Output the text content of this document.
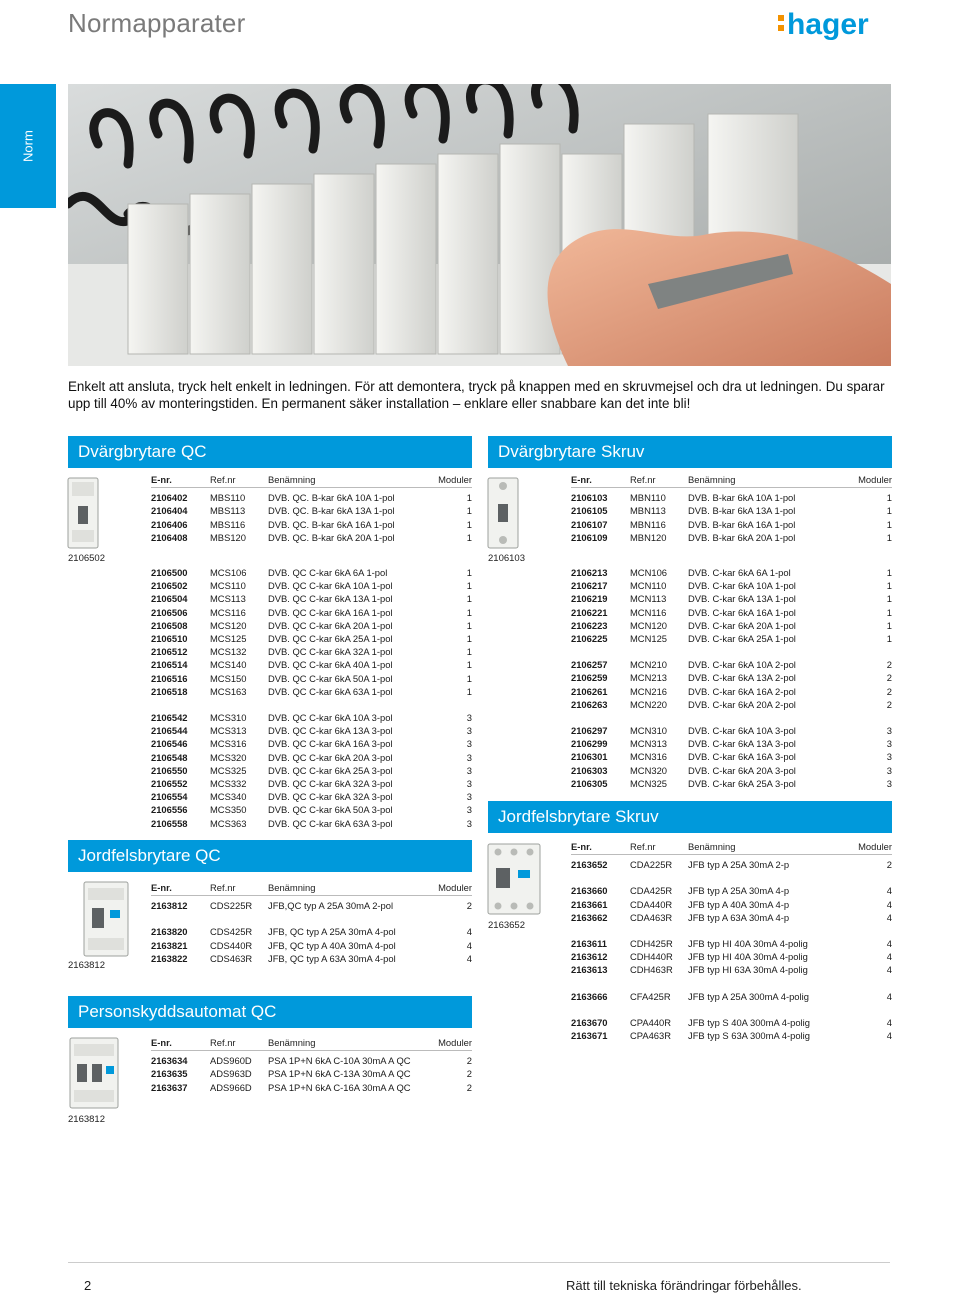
Normapparater	hager
Norm
Enkelt att ansluta, tryck helt enkelt in ledningen. För att demontera, tryck på knappen med en skruvmejsel och dra ut ledningen. Du sparar upp till 40% av monteringstiden. En permanent säker installation – enklare eller snabbare kan det inte bli!
Dvärgbrytare QC
2106502
E-nr.	Ref.nr	Benämning	Moduler
2106402	MBS110	DVB. QC. B-kar 6kA 10A 1-pol	1
2106404	MBS113	DVB. QC. B-kar 6kA 13A 1-pol	1
2106406	MBS116	DVB. QC. B-kar 6kA 16A 1-pol	1
2106408	MBS120	DVB. QC. B-kar 6kA 20A 1-pol	1
2106500	MCS106	DVB. QC C-kar 6kA 6A 1-pol	1
2106502	MCS110	DVB. QC C-kar 6kA 10A 1-pol	1
2106504	MCS113	DVB. QC C-kar 6kA 13A 1-pol	1
2106506	MCS116	DVB. QC C-kar 6kA 16A 1-pol	1
2106508	MCS120	DVB. QC C-kar 6kA 20A 1-pol	1
2106510	MCS125	DVB. QC C-kar 6kA 25A 1-pol	1
2106512	MCS132	DVB. QC C-kar 6kA 32A 1-pol	1
2106514	MCS140	DVB. QC C-kar 6kA 40A 1-pol	1
2106516	MCS150	DVB. QC C-kar 6kA 50A 1-pol	1
2106518	MCS163	DVB. QC C-kar 6kA 63A 1-pol	1
2106542	MCS310	DVB. QC C-kar 6kA 10A 3-pol	3
2106544	MCS313	DVB. QC C-kar 6kA 13A 3-pol	3
2106546	MCS316	DVB. QC C-kar 6kA 16A 3-pol	3
2106548	MCS320	DVB. QC C-kar 6kA 20A 3-pol	3
2106550	MCS325	DVB. QC C-kar 6kA 25A 3-pol	3
2106552	MCS332	DVB. QC C-kar 6kA 32A 3-pol	3
2106554	MCS340	DVB. QC C-kar 6kA 32A 3-pol	3
2106556	MCS350	DVB. QC C-kar 6kA 50A 3-pol	3
2106558	MCS363	DVB. QC C-kar 6kA 63A 3-pol	3
Dvärgbrytare Skruv
2106103
E-nr.	Ref.nr	Benämning	Moduler
2106103	MBN110	DVB. B-kar 6kA 10A 1-pol	1
2106105	MBN113	DVB. B-kar 6kA 13A 1-pol	1
2106107	MBN116	DVB. B-kar 6kA 16A 1-pol	1
2106109	MBN120	DVB. B-kar 6kA 20A 1-pol	1
2106213	MCN106	DVB. C-kar 6kA 6A 1-pol	1
2106217	MCN110	DVB. C-kar 6kA 10A 1-pol	1
2106219	MCN113	DVB. C-kar 6kA 13A 1-pol	1
2106221	MCN116	DVB. C-kar 6kA 16A 1-pol	1
2106223	MCN120	DVB. C-kar 6kA 20A 1-pol	1
2106225	MCN125	DVB. C-kar 6kA 25A 1-pol	1
2106257	MCN210	DVB. C-kar 6kA 10A 2-pol	2
2106259	MCN213	DVB. C-kar 6kA 13A 2-pol	2
2106261	MCN216	DVB. C-kar 6kA 16A 2-pol	2
2106263	MCN220	DVB. C-kar 6kA 20A 2-pol	2
2106297	MCN310	DVB. C-kar 6kA 10A 3-pol	3
2106299	MCN313	DVB. C-kar 6kA 13A 3-pol	3
2106301	MCN316	DVB. C-kar 6kA 16A 3-pol	3
2106303	MCN320	DVB. C-kar 6kA 20A 3-pol	3
2106305	MCN325	DVB. C-kar 6kA 25A 3-pol	3
Jordfelsbrytare QC
2163812
E-nr.	Ref.nr	Benämning	Moduler
2163812	CDS225R	JFB,QC typ A 25A 30mA 2-pol	2
2163820	CDS425R	JFB, QC typ A 25A 30mA 4-pol	4
2163821	CDS440R	JFB, QC typ A 40A 30mA 4-pol	4
2163822	CDS463R	JFB, QC typ A 63A 30mA 4-pol	4
Jordfelsbrytare Skruv
2163652
E-nr.	Ref.nr	Benämning	Moduler
2163652	CDA225R	JFB typ A 25A 30mA 2-p	2
2163660	CDA425R	JFB typ A 25A 30mA 4-p	4
2163661	CDA440R	JFB typ A 40A 30mA 4-p	4
2163662	CDA463R	JFB typ A 63A 30mA 4-p	4
2163611	CDH425R	JFB typ HI 40A 30mA 4-polig	4
2163612	CDH440R	JFB typ HI 40A 30mA 4-polig	4
2163613	CDH463R	JFB typ HI 63A 30mA 4-polig	4
2163666	CFA425R	JFB typ A 25A 300mA 4-polig	4
2163670	CPA440R	JFB typ S 40A 300mA 4-polig	4
2163671	CPA463R	JFB typ S 63A 300mA 4-polig	4
Personskyddsautomat QC
2163812
E-nr.	Ref.nr	Benämning	Moduler
2163634	ADS960D	PSA 1P+N 6kA C-10A 30mA A QC	2
2163635	ADS963D	PSA 1P+N 6kA C-13A 30mA A QC	2
2163637	ADS966D	PSA 1P+N 6kA C-16A 30mA A QC	2
2	Rätt till tekniska förändringar förbehålles.
